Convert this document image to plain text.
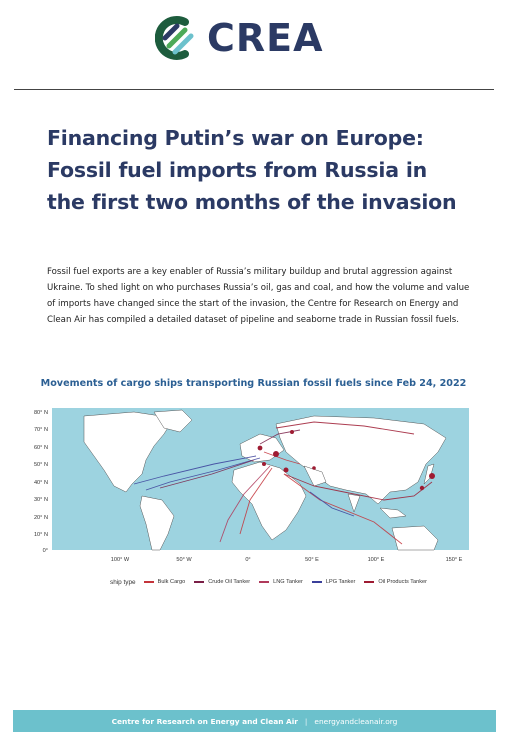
CREA
Financing Putin’s war on Europe: Fossil fuel imports from Russia in the first two months of the invasion

Fossil fuel exports are a key enabler of Russia’s military buildup and brutal aggression against Ukraine. To shed light on who purchases Russia’s oil, gas and coal, and how the volume and value of imports have changed since the start of the invasion, the Centre for Research on Energy and Clean Air has compiled a detailed dataset of pipeline and seaborne trade in Russian fossil fuels.

Movements of cargo ships transporting Russian fossil fuels since Feb 24, 2022
80° N
70° N
60° N
50° N
40° N
30° N
20° N
10° N
0°
100° W	50° W	0°	50° E	100° E	150° E
ship type	Bulk Cargo	Crude Oil Tanker	LNG Tanker	LPG Tanker	Oil Products Tanker
Centre for Research on Energy and Clean Air | energyandcleanair.org
